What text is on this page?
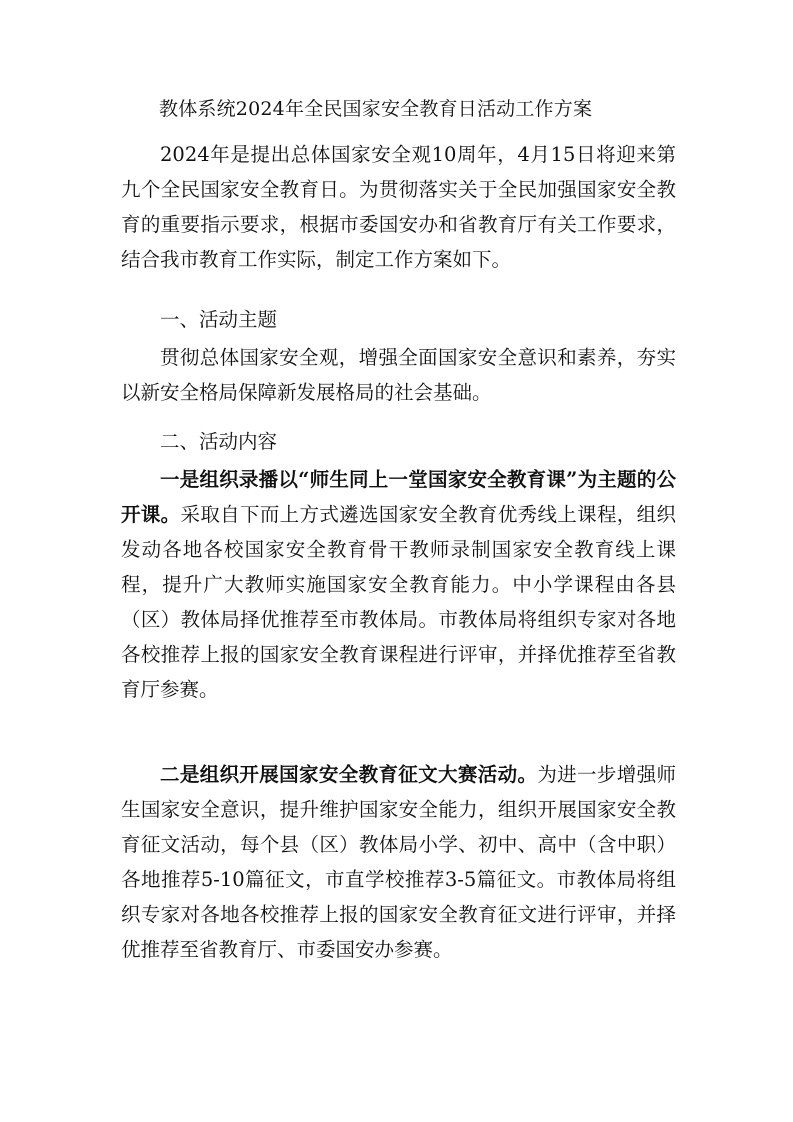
教体系统2024年全民国家安全教育日活动工作方案

2024年是提出总体国家安全观10周年，4月15日将迎来第九个全民国家安全教育日。为贯彻落实关于全民加强国家安全教育的重要指示要求，根据市委国安办和省教育厅有关工作要求，结合我市教育工作实际，制定工作方案如下。

一、活动主题

贯彻总体国家安全观，增强全面国家安全意识和素养，夯实以新安全格局保障新发展格局的社会基础。

二、活动内容

一是组织录播以“师生同上一堂国家安全教育课”为主题的公开课。采取自下而上方式遴选国家安全教育优秀线上课程，组织发动各地各校国家安全教育骨干教师录制国家安全教育线上课程，提升广大教师实施国家安全教育能力。中小学课程由各县（区）教体局择优推荐至市教体局。市教体局将组织专家对各地各校推荐上报的国家安全教育课程进行评审，并择优推荐至省教育厅参赛。

二是组织开展国家安全教育征文大赛活动。为进一步增强师生国家安全意识，提升维护国家安全能力，组织开展国家安全教育征文活动，每个县（区）教体局小学、初中、高中（含中职）各地推荐5-10篇征文，市直学校推荐3-5篇征文。市教体局将组织专家对各地各校推荐上报的国家安全教育征文进行评审，并择优推荐至省教育厅、市委国安办参赛。
